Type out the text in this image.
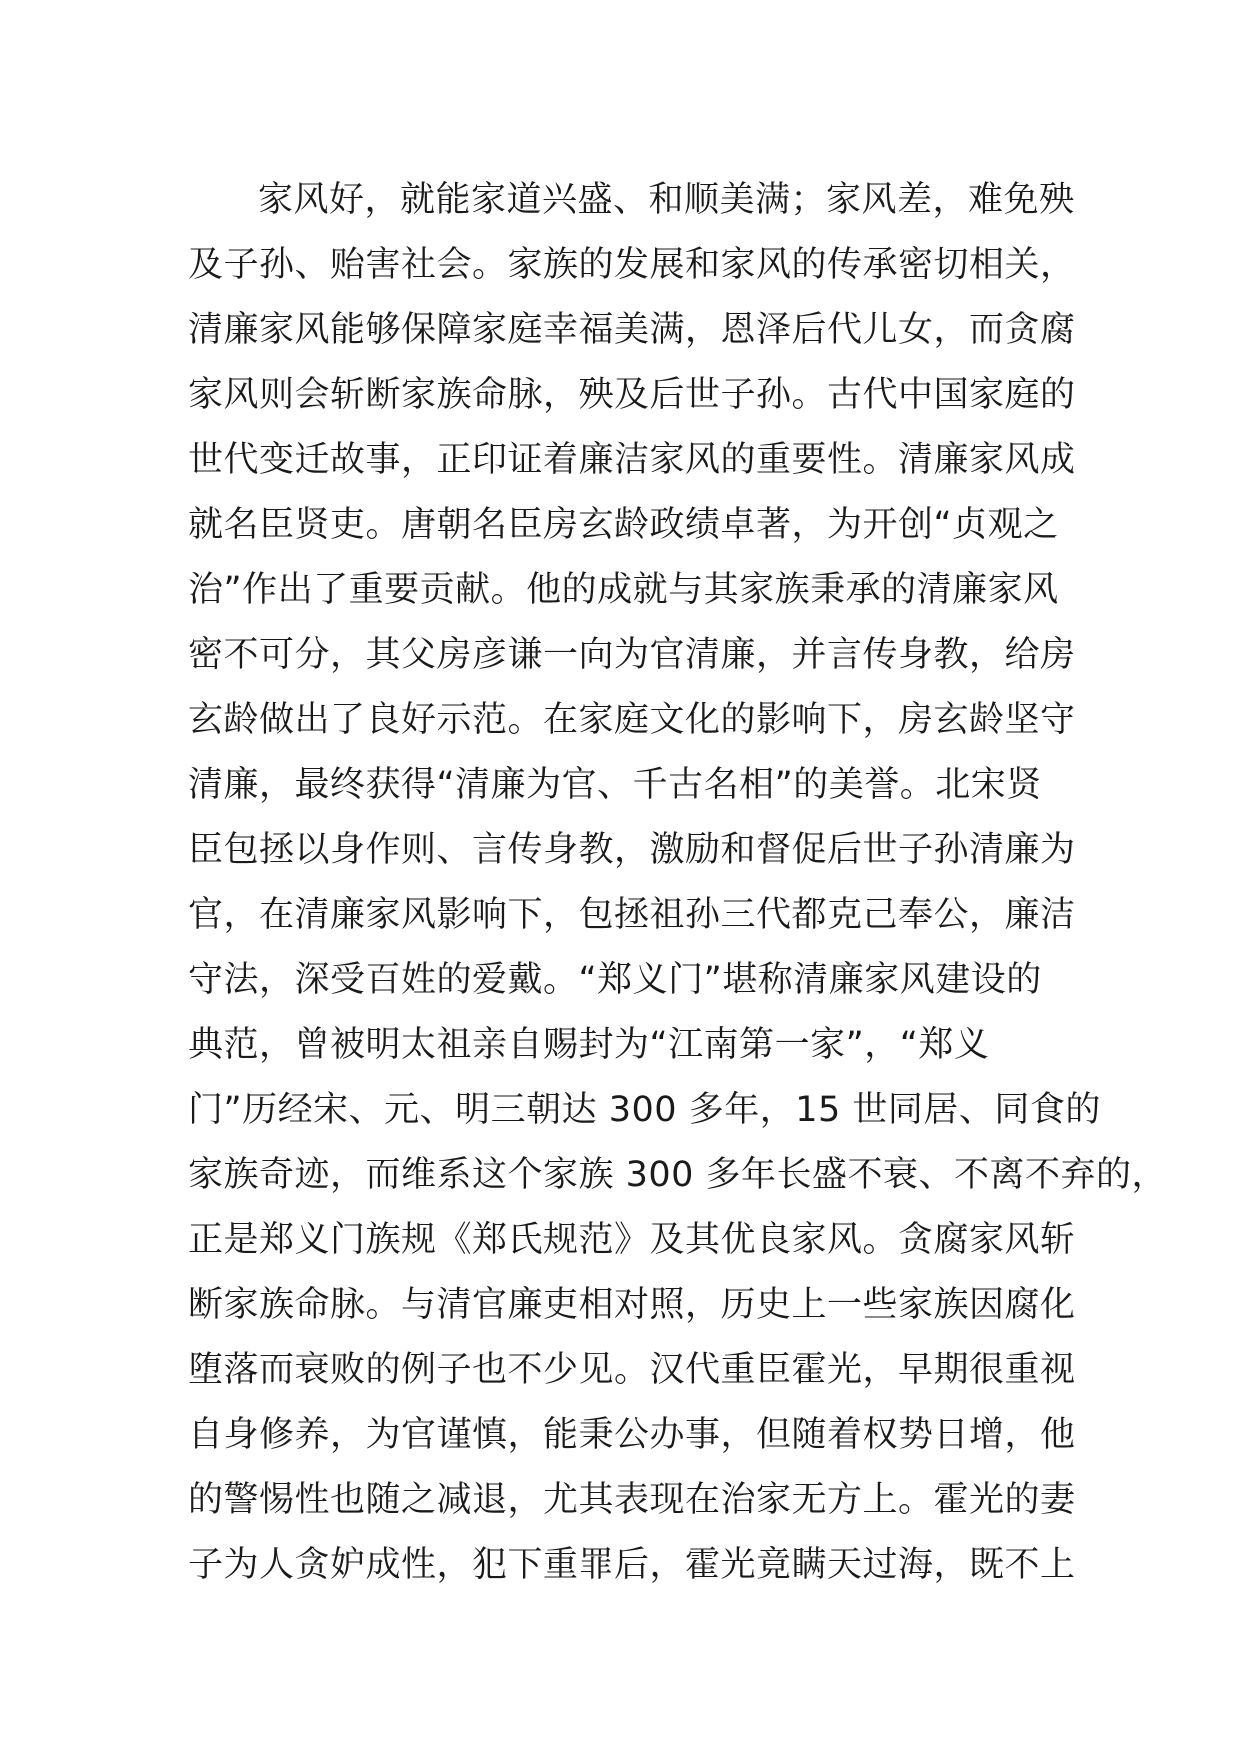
家风好，就能家道兴盛、和顺美满；家风差，难免殃
及子孙、贻害社会。家族的发展和家风的传承密切相关，
清廉家风能够保障家庭幸福美满，恩泽后代儿女，而贪腐
家风则会斩断家族命脉，殃及后世子孙。古代中国家庭的
世代变迁故事，正印证着廉洁家风的重要性。清廉家风成
就名臣贤吏。唐朝名臣房玄龄政绩卓著，为开创“贞观之
治”作出了重要贡献。他的成就与其家族秉承的清廉家风
密不可分，其父房彦谦一向为官清廉，并言传身教，给房
玄龄做出了良好示范。在家庭文化的影响下，房玄龄坚守
清廉，最终获得“清廉为官、千古名相”的美誉。北宋贤
臣包拯以身作则、言传身教，激励和督促后世子孙清廉为
官，在清廉家风影响下，包拯祖孙三代都克己奉公，廉洁
守法，深受百姓的爱戴。“郑义门”堪称清廉家风建设的
典范，曾被明太祖亲自赐封为“江南第一家”，“郑义
门”历经宋、元、明三朝达 300 多年，15 世同居、同食的
家族奇迹，而维系这个家族 300 多年长盛不衰、不离不弃的，
正是郑义门族规《郑氏规范》及其优良家风。贪腐家风斩
断家族命脉。与清官廉吏相对照，历史上一些家族因腐化
堕落而衰败的例子也不少见。汉代重臣霍光，早期很重视
自身修养，为官谨慎，能秉公办事，但随着权势日增，他
的警惕性也随之减退，尤其表现在治家无方上。霍光的妻
子为人贪妒成性，犯下重罪后，霍光竟瞒天过海，既不上
